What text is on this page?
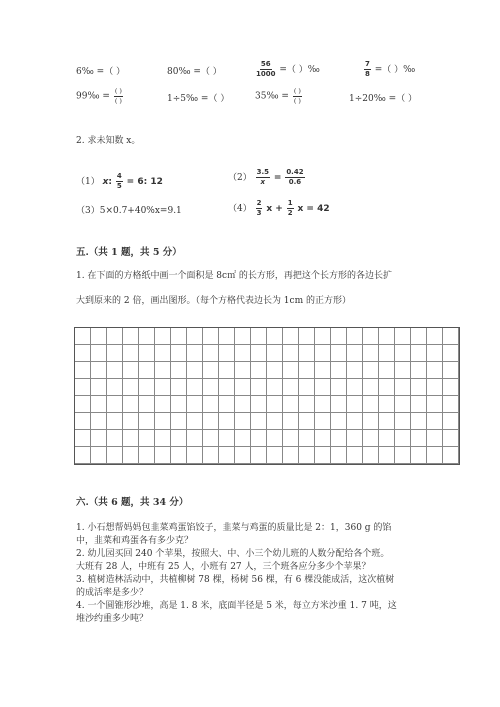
6‰ =（ ）	80‰ =（ ）	$\frac{56}{1000}$ =（ ）‰	$\frac{7}{8}$ =（ ）‰
99‰ = $\frac{( )}{( )}$	1÷5‰ =（ ）	35‰ = $\frac{( )}{( )}$	1÷20‰ =（ ）
2. 求未知数 x。
（1） x: $\frac{4}{5} = 6$: 12	$(2) \frac{3.5}{x} = \frac{0.42}{0.6}$
（3）5×0.7+40%x=9.1	$(4) \frac{2}{3}$ $x + \frac{1}{2}$ x = 42
五.（共 1 题，共 5 分）
1. 在下面的方格纸中画一个面积是 8c㎡ 的长方形，再把这个长方形的各边长扩
大到原来的 2 倍，画出图形。（每个方格代表边长为 1cm 的正方形）
六.（共 6 题，共 34 分）
1. 小石想帮妈妈包韭菜鸡蛋馅饺子，韭菜与鸡蛋的质量比是 2：1，360 g 的馅
中，韭菜和鸡蛋各有多少克？
2. 幼儿园买回 240 个苹果，按照大、中、小三个幼儿班的人数分配给各个班。
大班有 28 人，中班有 25 人，小班有 27 人，三个班各应分多少个苹果？
3. 植树造林活动中，共植柳树 78 棵，杨树 56 棵，有 6 棵没能成活，这次植树
的成活率是多少？
4. 一个圆锥形沙堆，高是 1. 8 米，底面半径是 5 米，每立方米沙重 1. 7 吨，这
堆沙约重多少吨？
